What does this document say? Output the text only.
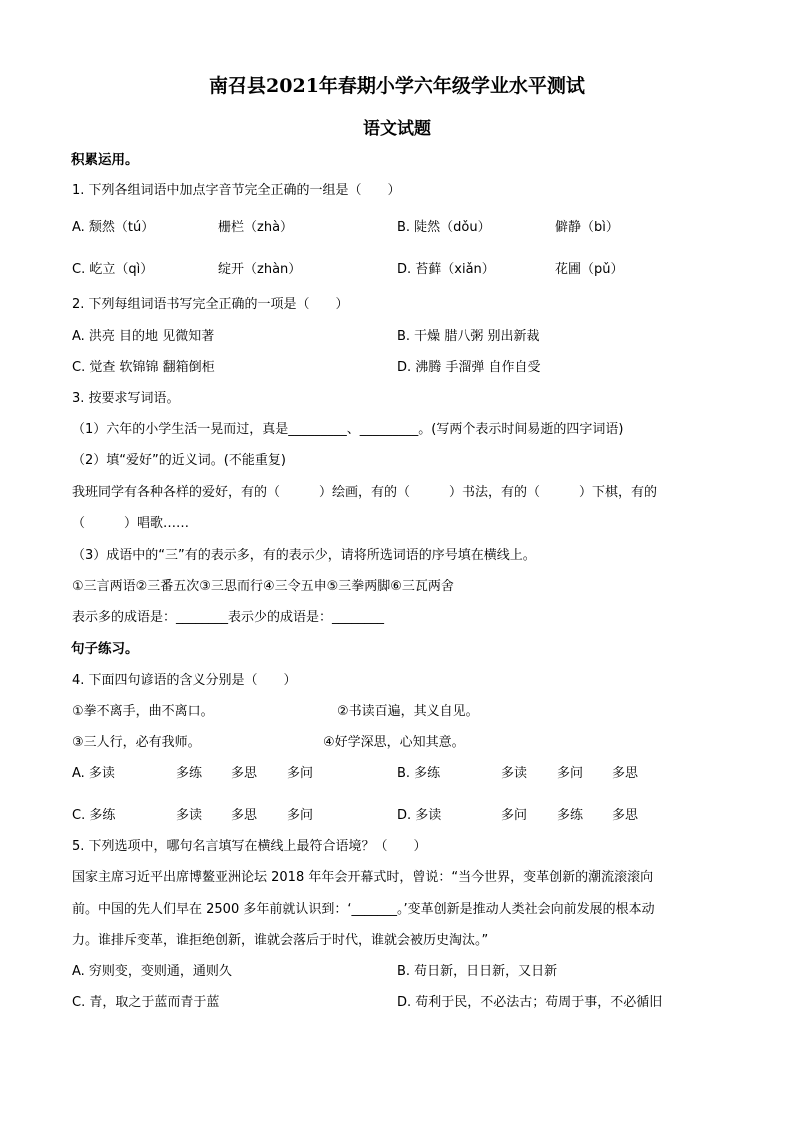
南召县2021年春期小学六年级学业水平测试
语文试题
积累运用。
1. 下列各组词语中加点字音节完全正确的一组是（　　）
A. 颓然（tú）	栅栏（zhà）	B. 陡然（dǒu）	僻静（bì）
C. 屹立（qì）	绽开（zhàn）	D. 苔藓（xiǎn）	花圃（pǔ）
2. 下列每组词语书写完全正确的一项是（　　）
A. 洪亮 目的地 见微知著	B. 干燥 腊八粥 别出新裁
C. 觉查 软锦锦 翻箱倒柜	D. 沸腾 手溜弹 自作自受
3. 按要求写词语。
（1）六年的小学生活一晃而过，真是_________、_________。(写两个表示时间易逝的四字词语)
（2）填“爱好”的近义词。(不能重复)
我班同学有各种各样的爱好，有的（　　　）绘画，有的（　　　）书法，有的（　　　）下棋，有的
（　　　）唱歌……
（3）成语中的“三”有的表示多，有的表示少，请将所选词语的序号填在横线上。
①三言两语②三番五次③三思而行④三令五申⑤三拳两脚⑥三瓦两舍
表示多的成语是：________表示少的成语是：________
句子练习。
4. 下面四句谚语的含义分别是（　　）
①拳不离手，曲不离口。	②书读百遍，其义自见。
③三人行，必有我师。	④好学深思，心知其意。
A. 多读	多练 多思 多问	B. 多练	多读 多问 多思
C. 多练	多读 多思 多问	D. 多读	多问 多练 多思
5. 下列选项中，哪句名言填写在横线上最符合语境？（　　）
国家主席习近平出席博鳌亚洲论坛 2018 年年会开幕式时，曾说：“当今世界，变革创新的潮流滚滚向
前。中国的先人们早在 2500 多年前就认识到：‘_______。’变革创新是推动人类社会向前发展的根本动
力。谁排斥变革，谁拒绝创新，谁就会落后于时代，谁就会被历史淘汰。”
A. 穷则变，变则通，通则久	B. 苟日新，日日新，又日新
C. 青，取之于蓝而青于蓝	D. 苟利于民，不必法古；苟周于事，不必循旧
